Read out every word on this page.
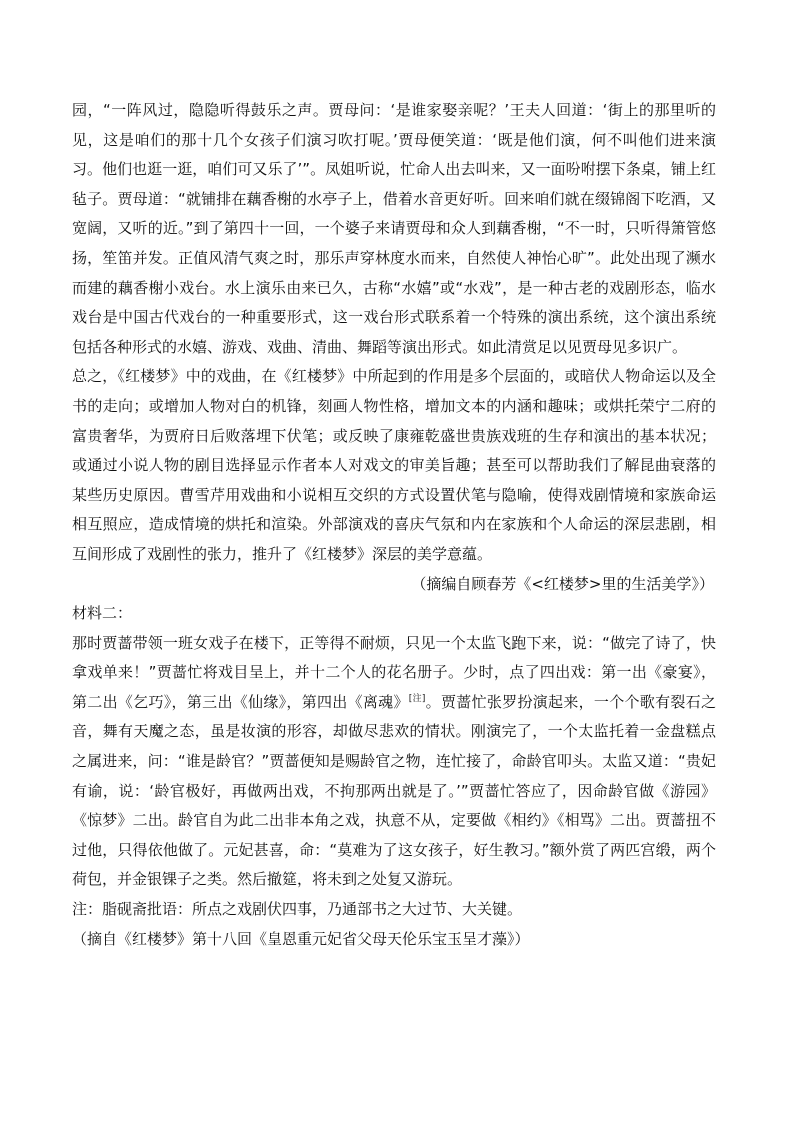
园，“一阵风过，隐隐听得鼓乐之声。贾母问：‘是谁家娶亲呢？’王夫人回道：‘街上的那里听的见，这是咱们的那十几个女孩子们演习吹打呢。’贾母便笑道：‘既是他们演，何不叫他们进来演习。他们也逛一逛，咱们可又乐了’”。凤姐听说，忙命人出去叫来，又一面吩咐摆下条桌，铺上红毡子。贾母道：“就铺排在藕香榭的水亭子上，借着水音更好听。回来咱们就在缀锦阁下吃酒，又宽阔，又听的近。”到了第四十一回，一个婆子来请贾母和众人到藕香榭，“不一时，只听得箫管悠扬，笙笛并发。正值风清气爽之时，那乐声穿林度水而来，自然使人神怡心旷”。此处出现了濒水而建的藕香榭小戏台。水上演乐由来已久，古称“水嬉”或“水戏”，是一种古老的戏剧形态，临水戏台是中国古代戏台的一种重要形式，这一戏台形式联系着一个特殊的演出系统，这个演出系统包括各种形式的水嬉、游戏、戏曲、清曲、舞蹈等演出形式。如此清赏足以见贾母见多识广。

总之，《红楼梦》中的戏曲，在《红楼梦》中所起到的作用是多个层面的，或暗伏人物命运以及全书的走向；或增加人物对白的机锋，刻画人物性格，增加文本的内涵和趣味；或烘托荣宁二府的富贵奢华，为贾府日后败落埋下伏笔；或反映了康雍乾盛世贵族戏班的生存和演出的基本状况；或通过小说人物的剧目选择显示作者本人对戏文的审美旨趣；甚至可以帮助我们了解昆曲衰落的某些历史原因。曹雪芹用戏曲和小说相互交织的方式设置伏笔与隐喻，使得戏剧情境和家族命运相互照应，造成情境的烘托和渲染。外部演戏的喜庆气氛和内在家族和个人命运的深层悲剧，相互间形成了戏剧性的张力，推升了《红楼梦》深层的美学意蕴。

（摘编自顾春芳《<红楼梦>里的生活美学》）

材料二：

那时贾蔷带领一班女戏子在楼下，正等得不耐烦，只见一个太监飞跑下来，说：“做完了诗了，快拿戏单来！”贾蔷忙将戏目呈上，并十二个人的花名册子。少时，点了四出戏：第一出《豪宴》，第二出《乞巧》，第三出《仙缘》，第四出《离魂》[注]。贾蔷忙张罗扮演起来，一个个歌有裂石之音，舞有天魔之态，虽是妆演的形容，却做尽悲欢的情状。刚演完了，一个太监托着一金盘糕点之属进来，问：“谁是龄官？”贾蔷便知是赐龄官之物，连忙接了，命龄官叩头。太监又道：“贵妃有谕，说：‘龄官极好，再做两出戏，不拘那两出就是了。’”贾蔷忙答应了，因命龄官做《游园》《惊梦》二出。龄官自为此二出非本角之戏，执意不从，定要做《相约》《相骂》二出。贾蔷扭不过他，只得依他做了。元妃甚喜，命：“莫难为了这女孩子，好生教习。”额外赏了两匹宫缎，两个荷包，并金银锞子之类。然后撤筵，将未到之处复又游玩。

注：脂砚斋批语：所点之戏剧伏四事，乃通部书之大过节、大关键。

（摘自《红楼梦》第十八回《皇恩重元妃省父母天伦乐宝玉呈才藻》）
